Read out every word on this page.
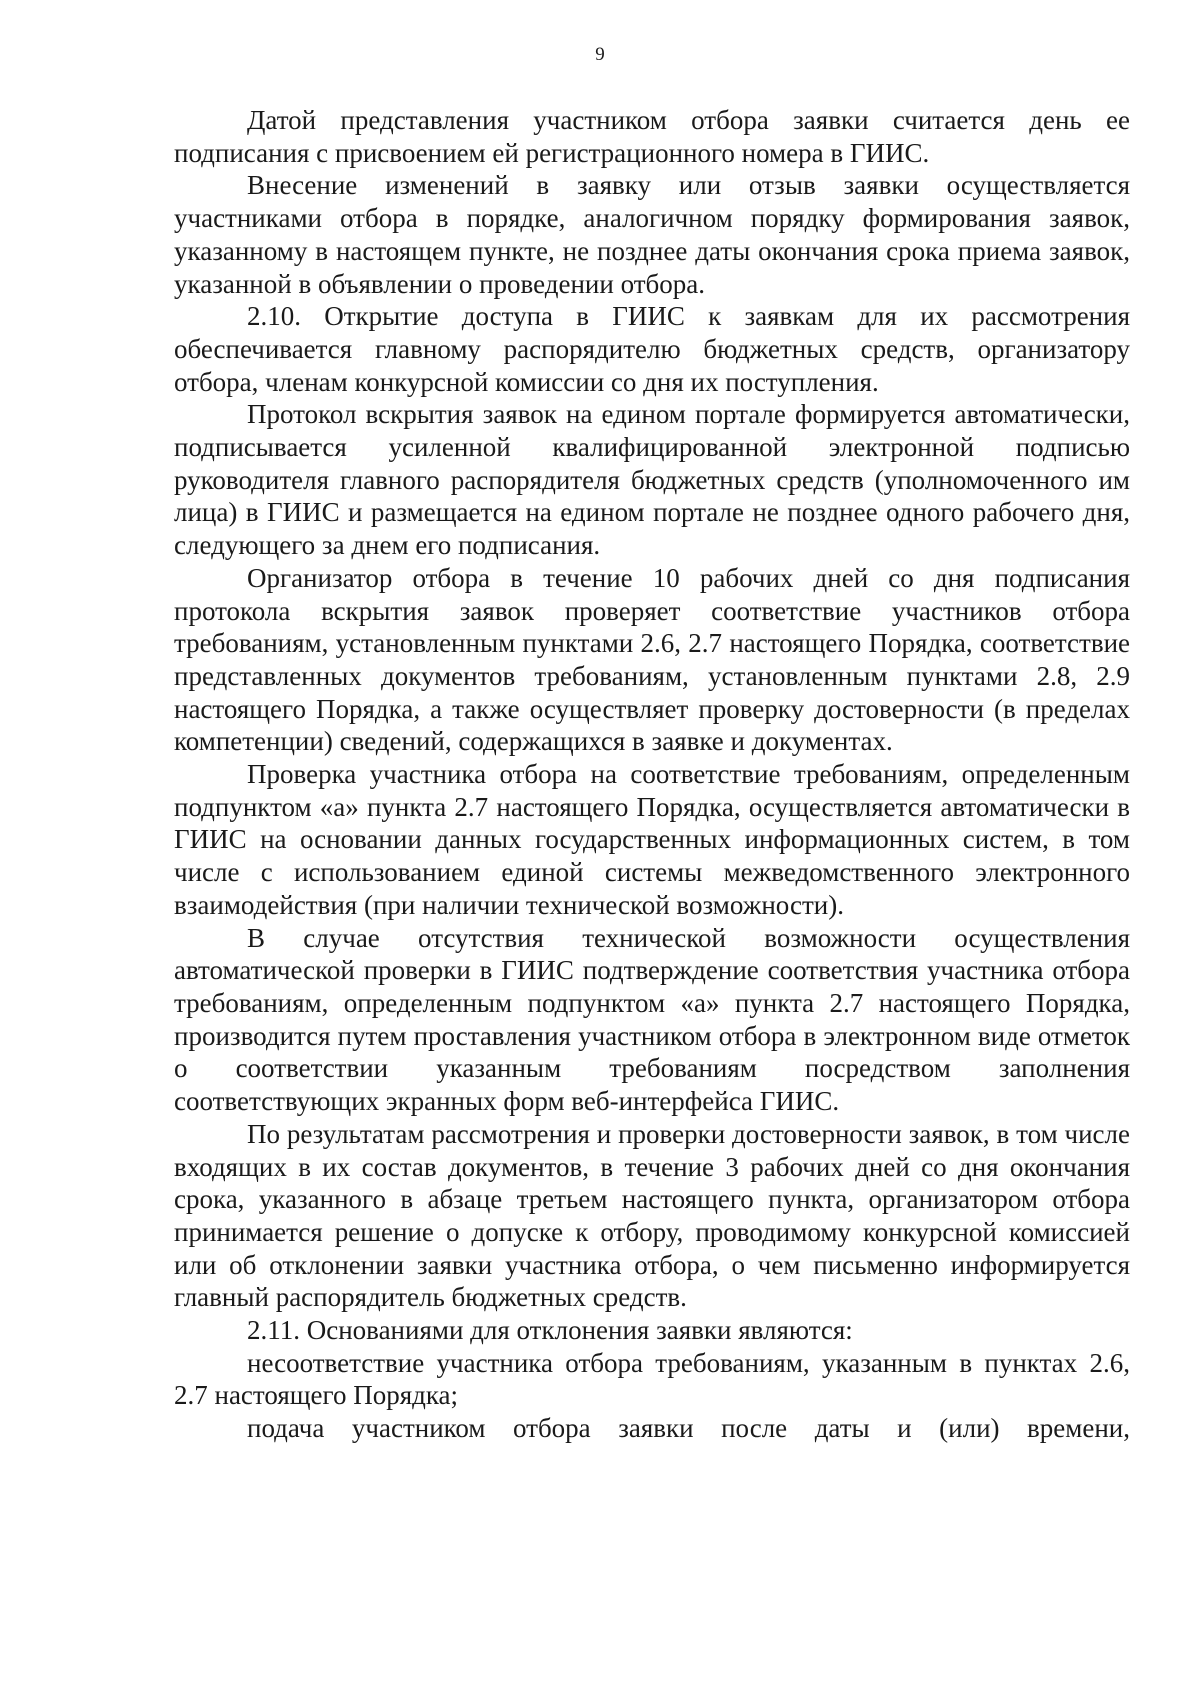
9

Датой представления участником отбора заявки считается день ее подписания с присвоением ей регистрационного номера в ГИИС.

Внесение изменений в заявку или отзыв заявки осуществляется участниками отбора в порядке, аналогичном порядку формирования заявок, указанному в настоящем пункте, не позднее даты окончания срока приема заявок, указанной в объявлении о проведении отбора.

2.10. Открытие доступа в ГИИС к заявкам для их рассмотрения обеспечивается главному распорядителю бюджетных средств, организатору отбора, членам конкурсной комиссии со дня их поступления.

Протокол вскрытия заявок на едином портале формируется автоматически, подписывается усиленной квалифицированной электронной подписью руководителя главного распорядителя бюджетных средств (уполномоченного им лица) в ГИИС и размещается на едином портале не позднее одного рабочего дня, следующего за днем его подписания.

Организатор отбора в течение 10 рабочих дней со дня подписания протокола вскрытия заявок проверяет соответствие участников отбора требованиям, установленным пунктами 2.6, 2.7 настоящего Порядка, соответствие представленных документов требованиям, установленным пунктами 2.8, 2.9 настоящего Порядка, а также осуществляет проверку достоверности (в пределах компетенции) сведений, содержащихся в заявке и документах.

Проверка участника отбора на соответствие требованиям, определенным подпунктом «а» пункта 2.7 настоящего Порядка, осуществляется автоматически в ГИИС на основании данных государственных информационных систем, в том числе с использованием единой системы межведомственного электронного взаимодействия (при наличии технической возможности).

В случае отсутствия технической возможности осуществления автоматической проверки в ГИИС подтверждение соответствия участника отбора требованиям, определенным подпунктом «а» пункта 2.7 настоящего Порядка, производится путем проставления участником отбора в электронном виде отметок о соответствии указанным требованиям посредством заполнения соответствующих экранных форм веб-интерфейса ГИИС.

По результатам рассмотрения и проверки достоверности заявок, в том числе входящих в их состав документов, в течение 3 рабочих дней со дня окончания срока, указанного в абзаце третьем настоящего пункта, организатором отбора принимается решение о допуске к отбору, проводимому конкурсной комиссией или об отклонении заявки участника отбора, о чем письменно информируется главный распорядитель бюджетных средств.

2.11. Основаниями для отклонения заявки являются:

несоответствие участника отбора требованиям, указанным в пунктах 2.6, 2.7 настоящего Порядка;

подача участником отбора заявки после даты и (или) времени,
